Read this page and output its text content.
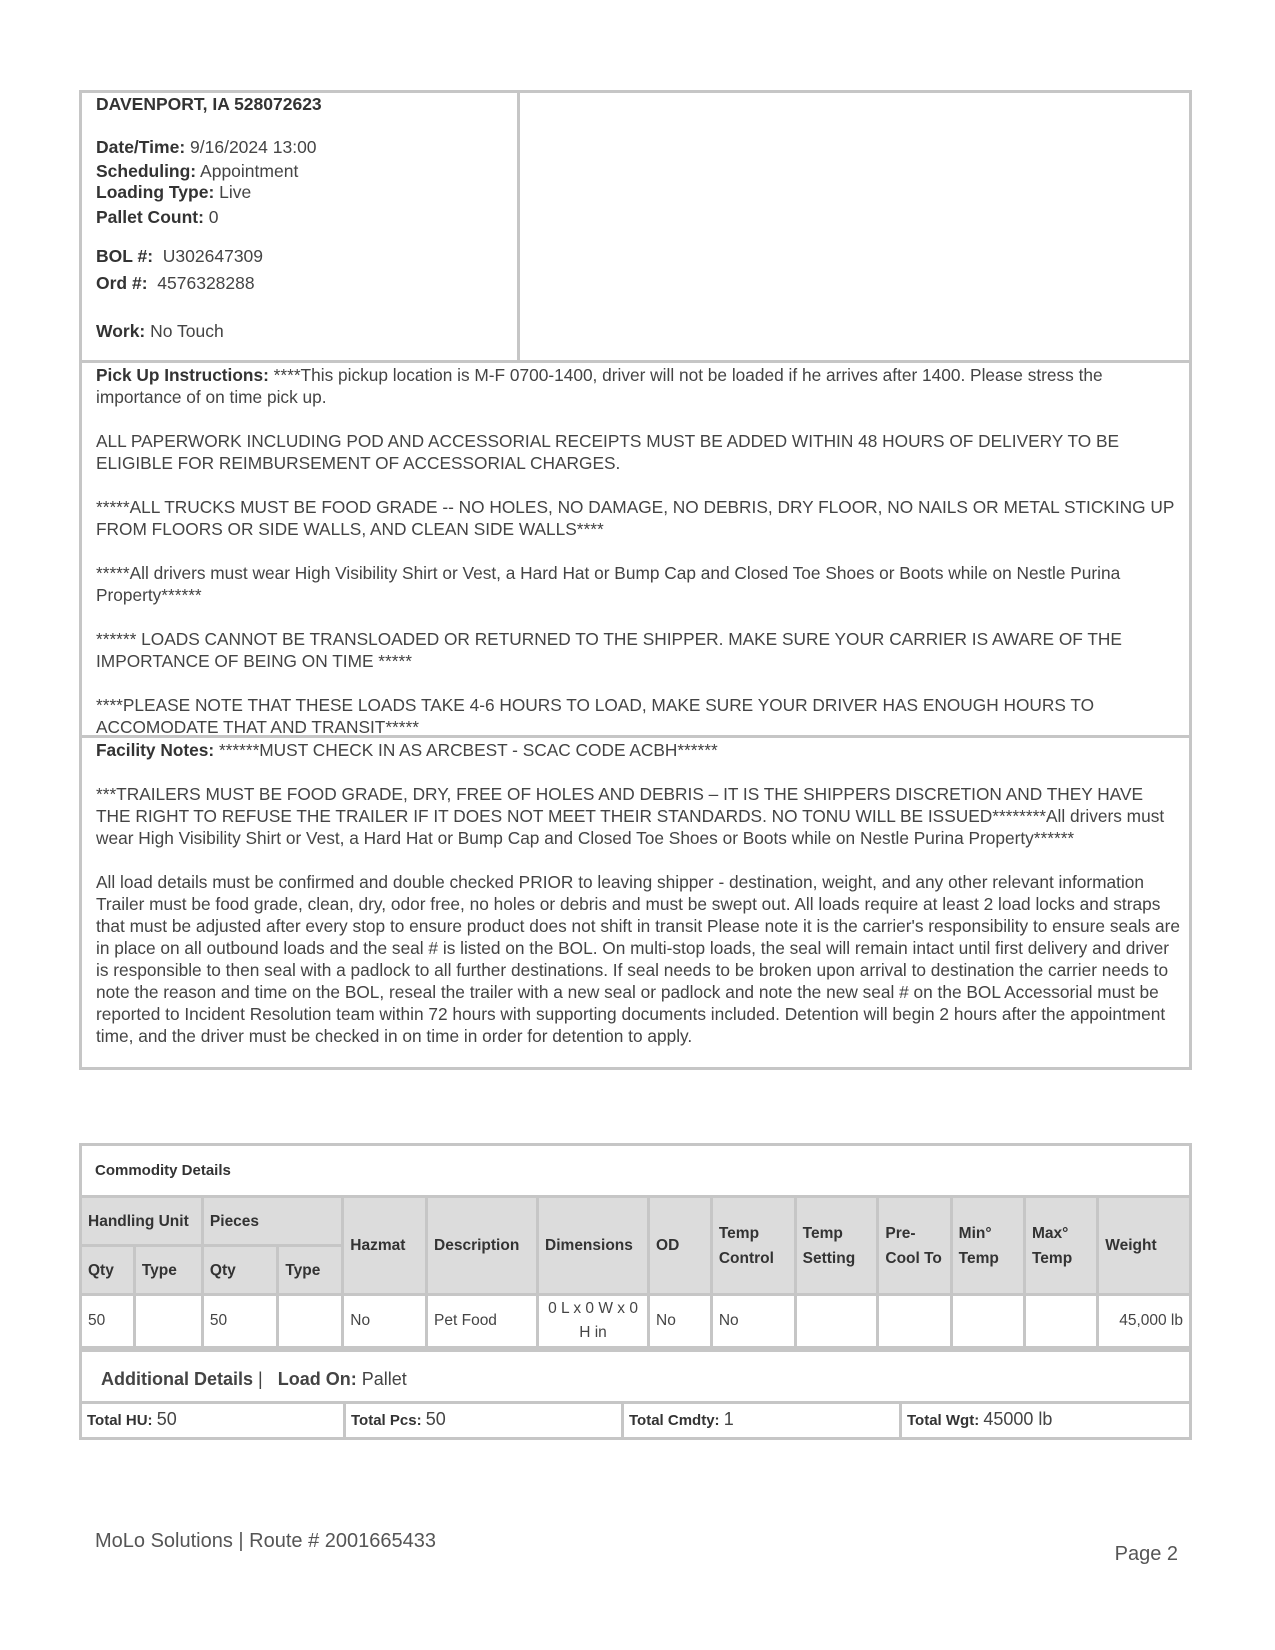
DAVENPORT, IA 528072623
Date/Time: 9/16/2024 13:00
Scheduling: Appointment
Loading Type: Live
Pallet Count: 0
BOL #: U302647309
Ord #: 4576328288
Work: No Touch

Pick Up Instructions: ****This pickup location is M-F 0700-1400, driver will not be loaded if he arrives after 1400. Please stress the importance of on time pick up.

ALL PAPERWORK INCLUDING POD AND ACCESSORIAL RECEIPTS MUST BE ADDED WITHIN 48 HOURS OF DELIVERY TO BE ELIGIBLE FOR REIMBURSEMENT OF ACCESSORIAL CHARGES.

*****ALL TRUCKS MUST BE FOOD GRADE -- NO HOLES, NO DAMAGE, NO DEBRIS, DRY FLOOR, NO NAILS OR METAL STICKING UP FROM FLOORS OR SIDE WALLS, AND CLEAN SIDE WALLS****

*****All drivers must wear High Visibility Shirt or Vest, a Hard Hat or Bump Cap and Closed Toe Shoes or Boots while on Nestle Purina Property******

****** LOADS CANNOT BE TRANSLOADED OR RETURNED TO THE SHIPPER. MAKE SURE YOUR CARRIER IS AWARE OF THE IMPORTANCE OF BEING ON TIME *****

****PLEASE NOTE THAT THESE LOADS TAKE 4-6 HOURS TO LOAD, MAKE SURE YOUR DRIVER HAS ENOUGH HOURS TO ACCOMODATE THAT AND TRANSIT*****

Facility Notes: ******MUST CHECK IN AS ARCBEST - SCAC CODE ACBH******

***TRAILERS MUST BE FOOD GRADE, DRY, FREE OF HOLES AND DEBRIS – IT IS THE SHIPPERS DISCRETION AND THEY HAVE THE RIGHT TO REFUSE THE TRAILER IF IT DOES NOT MEET THEIR STANDARDS. NO TONU WILL BE ISSUED********All drivers must wear High Visibility Shirt or Vest, a Hard Hat or Bump Cap and Closed Toe Shoes or Boots while on Nestle Purina Property******

All load details must be confirmed and double checked PRIOR to leaving shipper - destination, weight, and any other relevant information Trailer must be food grade, clean, dry, odor free, no holes or debris and must be swept out. All loads require at least 2 load locks and straps that must be adjusted after every stop to ensure product does not shift in transit Please note it is the carrier's responsibility to ensure seals are in place on all outbound loads and the seal # is listed on the BOL. On multi-stop loads, the seal will remain intact until first delivery and driver is responsible to then seal with a padlock to all further destinations. If seal needs to be broken upon arrival to destination the carrier needs to note the reason and time on the BOL, reseal the trailer with a new seal or padlock and note the new seal # on the BOL Accessorial must be reported to Incident Resolution team within 72 hours with supporting documents included. Detention will begin 2 hours after the appointment time, and the driver must be checked in on time in order for detention to apply.

Commodity Details
Handling Unit		Pieces		Hazmat	Description	Dimensions	OD	Temp Control	Temp Setting	Pre-Cool To	Min° Temp	Max° Temp	Weight
Qty	Type	Qty	Type										
50		50		No	Pet Food	0 L x 0 W x 0 H in	No	No					45,000 lb
Additional Details |   Load On: Pallet
Total HU: 50	Total Pcs: 50	Total Cmdty: 1	Total Wgt: 45000 lb
MoLo Solutions | Route # 2001665433
Page 2
